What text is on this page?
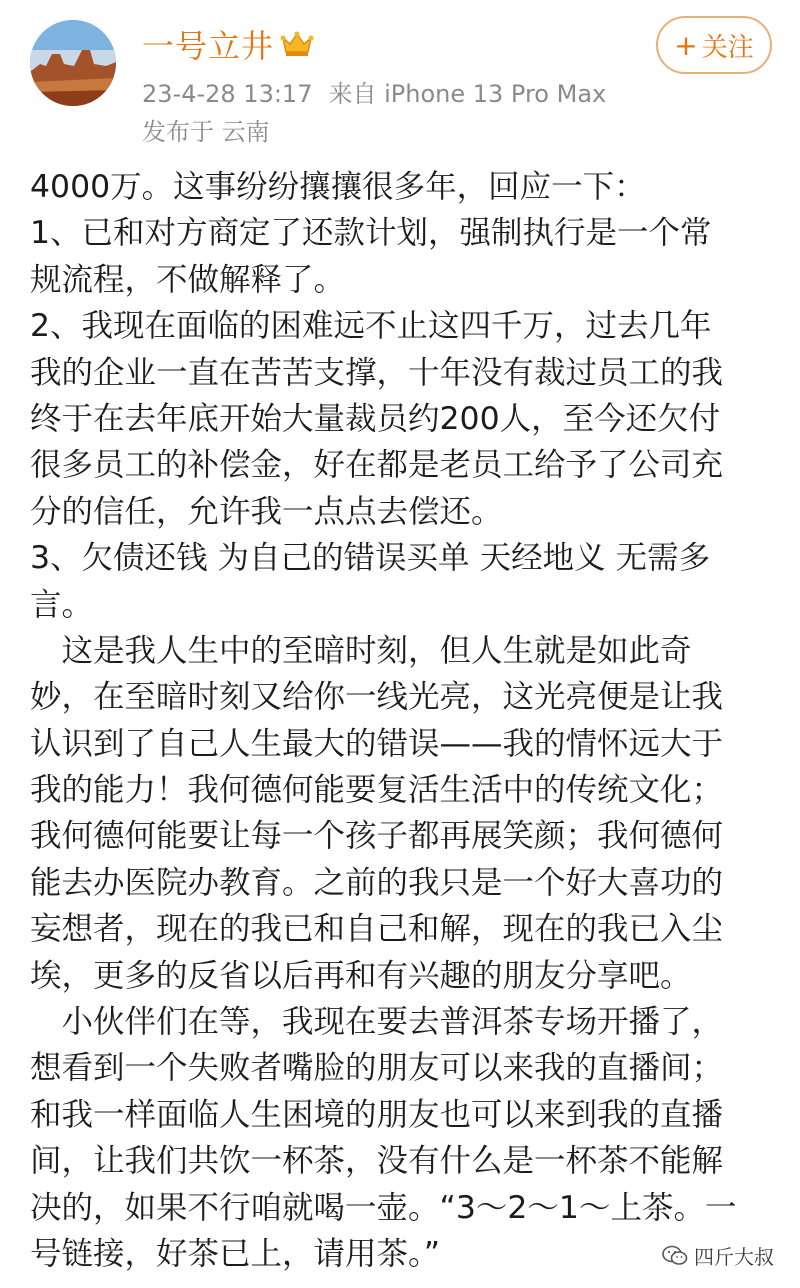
一号立井
23-4-28 13:17 来自 iPhone 13 Pro Max
发布于 云南
+ 关注
4000万。这事纷纷攘攘很多年，回应一下：
1、已和对方商定了还款计划，强制执行是一个常
规流程，不做解释了。
2、我现在面临的困难远不止这四千万，过去几年
我的企业一直在苦苦支撑，十年没有裁过员工的我
终于在去年底开始大量裁员约200人，至今还欠付
很多员工的补偿金，好在都是老员工给予了公司充
分的信任，允许我一点点去偿还。
3、欠债还钱 为自己的错误买单 天经地义 无需多
言。
　这是我人生中的至暗时刻，但人生就是如此奇
妙，在至暗时刻又给你一线光亮，这光亮便是让我
认识到了自己人生最大的错误——我的情怀远大于
我的能力！我何德何能要复活生活中的传统文化；
我何德何能要让每一个孩子都再展笑颜；我何德何
能去办医院办教育。之前的我只是一个好大喜功的
妄想者，现在的我已和自己和解，现在的我已入尘
埃，更多的反省以后再和有兴趣的朋友分享吧。
　小伙伴们在等，我现在要去普洱茶专场开播了，
想看到一个失败者嘴脸的朋友可以来我的直播间；
和我一样面临人生困境的朋友也可以来到我的直播
间，让我们共饮一杯茶，没有什么是一杯茶不能解
决的，如果不行咱就喝一壶。“3～2～1～上茶。一
号链接，好茶已上，请用茶。”	四斤大叔
